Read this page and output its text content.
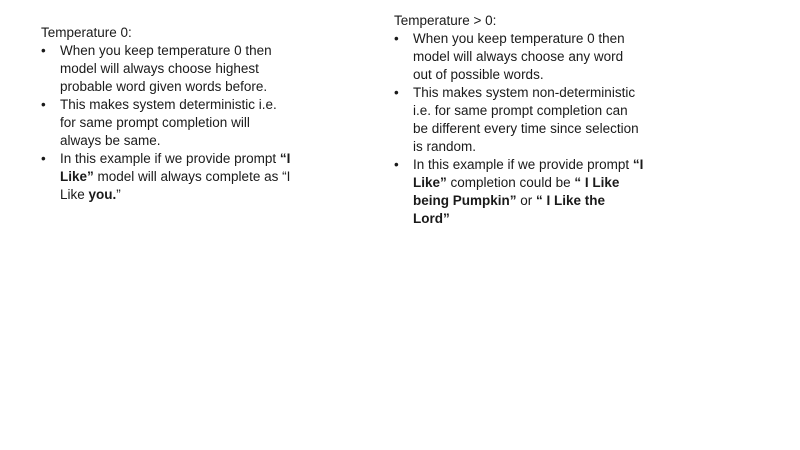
Temperature 0:
•	When you keep temperature 0 then model will always choose highest probable word given words before.
•	This makes system deterministic i.e. for same prompt completion will always be same.
•	In this example if we provide prompt “I Like” model will always complete as “I Like you.”
Temperature > 0:
•	When you keep temperature 0 then model will always choose any word out of possible words.
•	This makes system non-deterministic i.e. for same prompt completion can be different every time since selection is random.
•	In this example if we provide prompt “I Like” completion could be “ I Like being Pumpkin” or “ I Like the Lord”
